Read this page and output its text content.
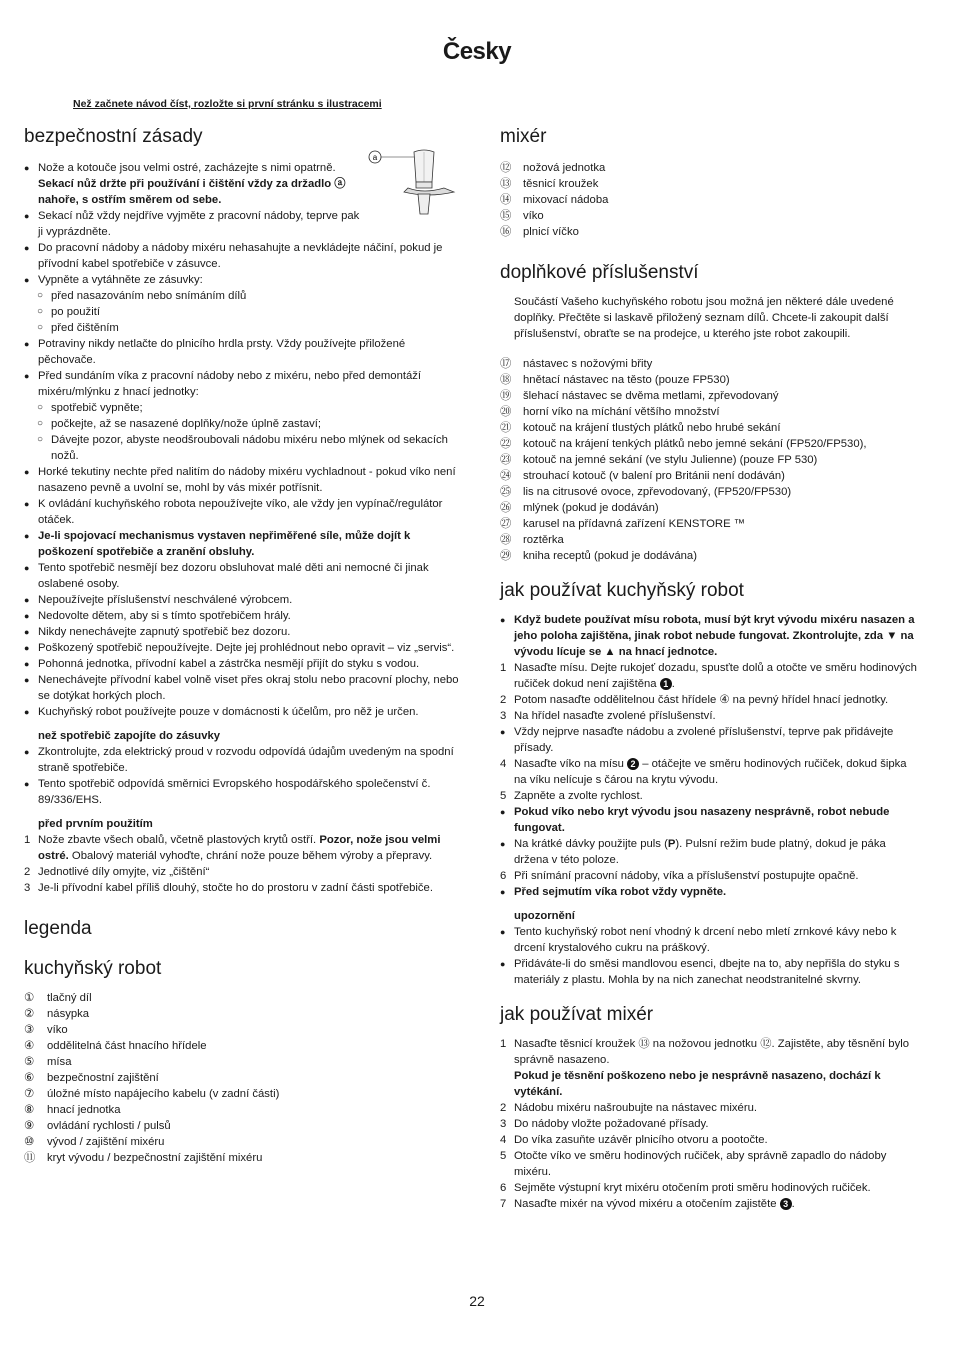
Česky
Než začnete návod číst, rozložte si první stránku s ilustracemi
a
bezpečnostní zásady
● Nože a kotouče jsou velmi ostré, zacházejte s nimi opatrně.
Sekací nůž držte při používání i čištění vždy za držadlo ⓐ nahoře, s ostřím směrem od sebe.
● Sekací nůž vždy nejdříve vyjměte z pracovní nádoby, teprve pak ji vyprázdněte.
● Do pracovní nádoby a nádoby mixéru nehasahujte a nevkládejte náčiní, pokud je přívodní kabel spotřebiče v zásuvce.
● Vypněte a vytáhněte ze zásuvky:
○ před nasazováním nebo snímáním dílů
○ po použití
○ před čištěním
● Potraviny nikdy netlačte do plnicího hrdla prsty. Vždy používejte přiložené pěchovače.
● Před sundáním víka z pracovní nádoby nebo z mixéru, nebo před demontáží mixéru/mlýnku z hnací jednotky:
○ spotřebič vypněte;
○ počkejte, až se nasazené doplňky/nože úplně zastaví;
○ Dávejte pozor, abyste neodšroubovali nádobu mixéru nebo mlýnek od sekacích nožů.
● Horké tekutiny nechte před nalitím do nádoby mixéru vychladnout - pokud víko není nasazeno pevně a uvolní se, mohl by vás mixér potřísnit.
● K ovládání kuchyňského robota nepoužívejte víko, ale vždy jen vypínač/regulátor otáček.
● Je-li spojovací mechanismus vystaven nepřiměřené síle, může dojít k poškození spotřebiče a zranění obsluhy.
● Tento spotřebič nesmějí bez dozoru obsluhovat malé děti ani nemocné či jinak oslabené osoby.
● Nepoužívejte příslušenství neschválené výrobcem.
● Nedovolte dětem, aby si s tímto spotřebičem hrály.
● Nikdy nenechávejte zapnutý spotřebič bez dozoru.
● Poškozený spotřebič nepoužívejte. Dejte jej prohlédnout nebo opravit – viz „servis“.
● Pohonná jednotka, přívodní kabel a zástrčka nesmějí přijít do styku s vodou.
● Nenechávejte přívodní kabel volně viset přes okraj stolu nebo pracovní plochy, nebo se dotýkat horkých ploch.
● Kuchyňský robot používejte pouze v domácnosti k účelům, pro něž je určen.
než spotřebič zapojíte do zásuvky
● Zkontrolujte, zda elektrický proud v rozvodu odpovídá údajům uvedeným na spodní straně spotřebiče.
● Tento spotřebič odpovídá směrnici Evropského hospodářského společenství č. 89/336/EHS.
před prvním použitím
1 Nože zbavte všech obalů, včetně plastových krytů ostří. Pozor, nože jsou velmi ostré. Obalový materiál vyhoďte, chrání nože pouze během výroby a přepravy.
2 Jednotlivé díly omyjte, viz „čištění“
3 Je-li přívodní kabel příliš dlouhý, stočte ho do prostoru v zadní části spotřebiče.
legenda
kuchyňský robot
① tlačný díl
② násypka
③ víko
④ oddělitelná část hnacího hřídele
⑤ mísa
⑥ bezpečnostní zajištění
⑦ úložné místo napájecího kabelu (v zadní části)
⑧ hnací jednotka
⑨ ovládání rychlosti / pulsů
⑩ vývod / zajištění mixéru
⑪ kryt vývodu / bezpečnostní zajištění mixéru
mixér
⑫ nožová jednotka
⑬ těsnicí kroužek
⑭ mixovací nádoba
⑮ víko
⑯ plnicí víčko
doplňkové příslušenství
Součástí Vašeho kuchyňského robotu jsou možná jen některé dále uvedené doplňky. Přečtěte si laskavě přiložený seznam dílů. Chcete-li zakoupit další příslušenství, obraťte se na prodejce, u kterého jste robot zakoupili.
⑰ nástavec s nožovými břity
⑱ hnětací nástavec na těsto (pouze FP530)
⑲ šlehací nástavec se dvěma metlami, zpřevodovaný
⑳ horní víko na míchání většího množství
㉑ kotouč na krájení tlustých plátků nebo hrubé sekání
㉒ kotouč na krájení tenkých plátků nebo jemné sekání (FP520/FP530),
㉓ kotouč na jemné sekání (ve stylu Julienne) (pouze FP 530)
㉔ strouhací kotouč (v balení pro Británii není dodáván)
㉕ lis na citrusové ovoce, zpřevodovaný, (FP520/FP530)
㉖ mlýnek (pokud je dodáván)
㉗ karusel na přídavná zařízení KENSTORE ™
㉘ roztěrka
㉙ kniha receptů (pokud je dodávána)
jak používat kuchyňský robot
● Když budete používat mísu robota, musí být kryt vývodu mixéru nasazen a jeho poloha zajištěna, jinak robot nebude fungovat. Zkontrolujte, zda ▼ na vývodu lícuje se ▲ na hnací jednotce.
1 Nasaďte mísu. Dejte rukojeť dozadu, spusťte dolů a otočte ve směru hodinových ručiček dokud není zajištěna 1 .
2 Potom nasaďte oddělitelnou část hřídele ④ na pevný hřídel hnací jednotky.
3 Na hřídel nasaďte zvolené příslušenství.
● Vždy nejprve nasaďte nádobu a zvolené příslušenství, teprve pak přidávejte přísady.
4 Nasaďte víko na mísu 2 – otáčejte ve směru hodinových ručiček, dokud šipka na víku nelícuje s čárou na krytu vývodu.
5 Zapněte a zvolte rychlost.
● Pokud víko nebo kryt vývodu jsou nasazeny nesprávně, robot nebude fungovat.
● Na krátké dávky použijte puls (P). Pulsní režim bude platný, dokud je páka držena v této poloze.
6 Při snímání pracovní nádoby, víka a příslušenství postupujte opačně.
● Před sejmutím víka robot vždy vypněte.
upozornění
● Tento kuchyňský robot není vhodný k drcení nebo mletí zrnkové kávy nebo k drcení krystalového cukru na práškový.
● Přidáváte-li do směsi mandlovou esenci, dbejte na to, aby nepřišla do styku s materiály z plastu. Mohla by na nich zanechat neodstranitelné skvrny.
jak používat mixér
1 Nasaďte těsnicí kroužek ⑬ na nožovou jednotku ⑫. Zajistěte, aby těsnění bylo správně nasazeno.
Pokud je těsnění poškozeno nebo je nesprávně nasazeno, dochází k vytékání.
2 Nádobu mixéru našroubujte na nástavec mixéru.
3 Do nádoby vložte požadované přísady.
4 Do víka zasuňte uzávěr plnicího otvoru a pootočte.
5 Otočte víko ve směru hodinových ručiček, aby správně zapadlo do nádoby mixéru.
6 Sejměte výstupní kryt mixéru otočením proti směru hodinových ručiček.
7 Nasaďte mixér na vývod mixéru a otočením zajistěte 3 .
22
